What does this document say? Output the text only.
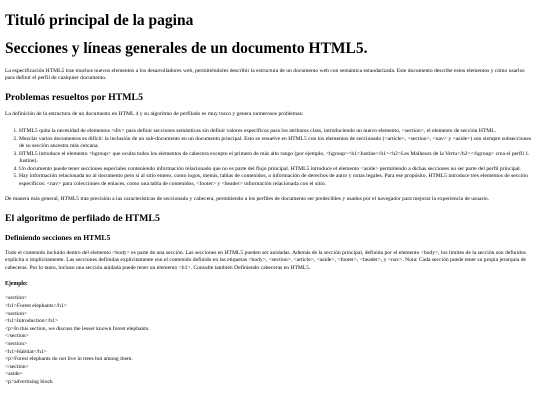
Tituló principal de la pagina
Secciones y líneas generales de un documento HTML5.
La especificación HTML5 trae muchos nuevos elementos a los desarrolladores web, permitiéndoles describir la estructura de un documento web con semántica estandarizada. Este documento describe estos elementos y cómo usarlos para definir el perfil de cualquier documento.
Problemas resueltos por HTML5
La definición de la estructura de un documento en HTML 4 y su algoritmo de perfilado es muy tosco y genera numerosos problemas:
1. HTML5 quita la necesidad de elementos <div> para definir secciones semánticas sin definir valores específicos para los atributos class, introduciendo un nuevo elemento, <section>, el elemento de sección HTML.
2. Mezclar varios documentos es difícil: la inclusión de un sub-documento en un documento principal. Esto se resuelve en HTML5 con los elementos de seccionado (<article>, <section>, <nav> y <aside>) son siempre subsecciones de su sección ancestra más cercana.
3. HTML5 introduce el elemento <hgroup> que oculta todos los elementos de cabecera excepto el primero de más alto rango (por ejemplo, <hgroup><h1>Justine</h1><h2>Les Malheurs de la Vertu</h2></hgroup> crea el perfil 1. Justine).
4. Un documento puede tener secciones especiales conteniendo información relacionado que no es parte del flujo principal. HTML5 introduce el elemento <aside> permitiendo a dichas secciones no ser parte del perfil principal.
5. Hay información relacionada no al documento pero sí al sitio entero, como logos, menús, tablas de contenidos, o información de derechos de autor y notas legales. Para ese propósito, HTML5 introduce tres elementos de sección específicos: <nav> para colecciones de enlaces, como una tabla de contenidos, <footer> y <header> información relacionada con el sitio.
De manera más general, HTML5 trae precisión a las características de seccionado y cabecera, permitiendo a los perfiles de documento ser predecibles y usados por el navegador para mejorar la experiencia de usuario.
El algoritmo de perfilado de HTML5
Definiendo secciones en HTML5
Todo el contenido incluido dentro del elemento <body> es parte de una sección. Las secciones en HTML5 pueden ser anidadas. Además de la sección principal, definida por el elemento <body>, los límites de la sección son definidos explícita o implícitamente. Las secciones definidas explícitamente son el contenido definido en las etiquetas <body>, <section>, <article>, <aside>, <footer>, <header>, y <nav>. Nota: Cada sección puede tener su propia jerarquía de cabeceras. Por lo tanto, incluso una sección anidada puede tener un elemento <h1>. Consulte también Definiendo cabeceras en HTML5.
Ejemplo:
<section>
<h1>Forest elephants</h1>
<section>
<h1>Introduction</h1>
<p>In this section, we discuss the lesser known forest elephants.
</section>
<section>
<h1>Habitat</h1>
<p>Forest elephants do not live in trees but among them.
</section>
<aside>
<p>advertising block
